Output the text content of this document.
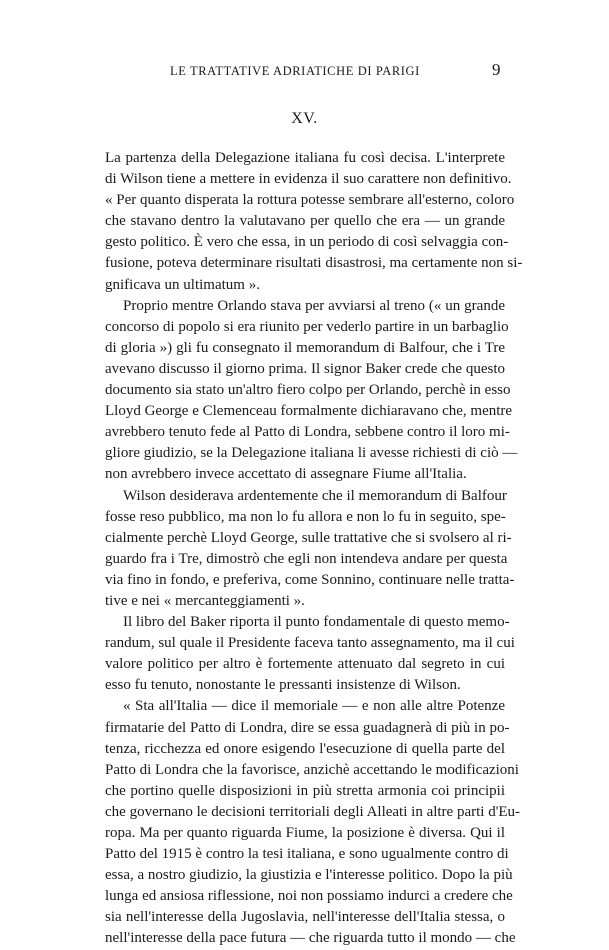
LE TRATTATIVE ADRIATICHE DI PARIGI	9
XV.
La partenza della Delegazione italiana fu così decisa. L'interprete
di Wilson tiene a mettere in evidenza il suo carattere non definitivo.
« Per quanto disperata la rottura potesse sembrare all'esterno, coloro
che stavano dentro la valutavano per quello che era — un grande
gesto politico. È vero che essa, in un periodo di così selvaggia con-
fusione, poteva determinare risultati disastrosi, ma certamente non si-
gnificava un ultimatum ».
Proprio mentre Orlando stava per avviarsi al treno (« un grande
concorso di popolo si era riunito per vederlo partire in un barbaglio
di gloria ») gli fu consegnato il memorandum di Balfour, che i Tre
avevano discusso il giorno prima. Il signor Baker crede che questo
documento sia stato un'altro fiero colpo per Orlando, perchè in esso
Lloyd George e Clemenceau formalmente dichiaravano che, mentre
avrebbero tenuto fede al Patto di Londra, sebbene contro il loro mi-
gliore giudizio, se la Delegazione italiana li avesse richiesti di ciò —
non avrebbero invece accettato di assegnare Fiume all'Italia.
Wilson desiderava ardentemente che il memorandum di Balfour
fosse reso pubblico, ma non lo fu allora e non lo fu in seguito, spe-
cialmente perchè Lloyd George, sulle trattative che si svolsero al ri-
guardo fra i Tre, dimostrò che egli non intendeva andare per questa
via fino in fondo, e preferiva, come Sonnino, continuare nelle tratta-
tive e nei « mercanteggiamenti ».
Il libro del Baker riporta il punto fondamentale di questo memo-
randum, sul quale il Presidente faceva tanto assegnamento, ma il cui
valore politico per altro è fortemente attenuato dal segreto in cui
esso fu tenuto, nonostante le pressanti insistenze di Wilson.
« Sta all'Italia — dice il memoriale — e non alle altre Potenze
firmatarie del Patto di Londra, dire se essa guadagnerà di più in po-
tenza, ricchezza ed onore esigendo l'esecuzione di quella parte del
Patto di Londra che la favorisce, anzichè accettando le modificazioni
che portino quelle disposizioni in più stretta armonia coi principii
che governano le decisioni territoriali degli Alleati in altre parti d'Eu-
ropa. Ma per quanto riguarda Fiume, la posizione è diversa. Qui il
Patto del 1915 è contro la tesi italiana, e sono ugualmente contro di
essa, a nostro giudizio, la giustizia e l'interesse politico. Dopo la più
lunga ed ansiosa riflessione, noi non possiamo indurci a credere che
sia nell'interesse della Jugoslavia, nell'interesse dell'Italia stessa, o
nell'interesse della pace futura — che riguarda tutto il mondo — che
